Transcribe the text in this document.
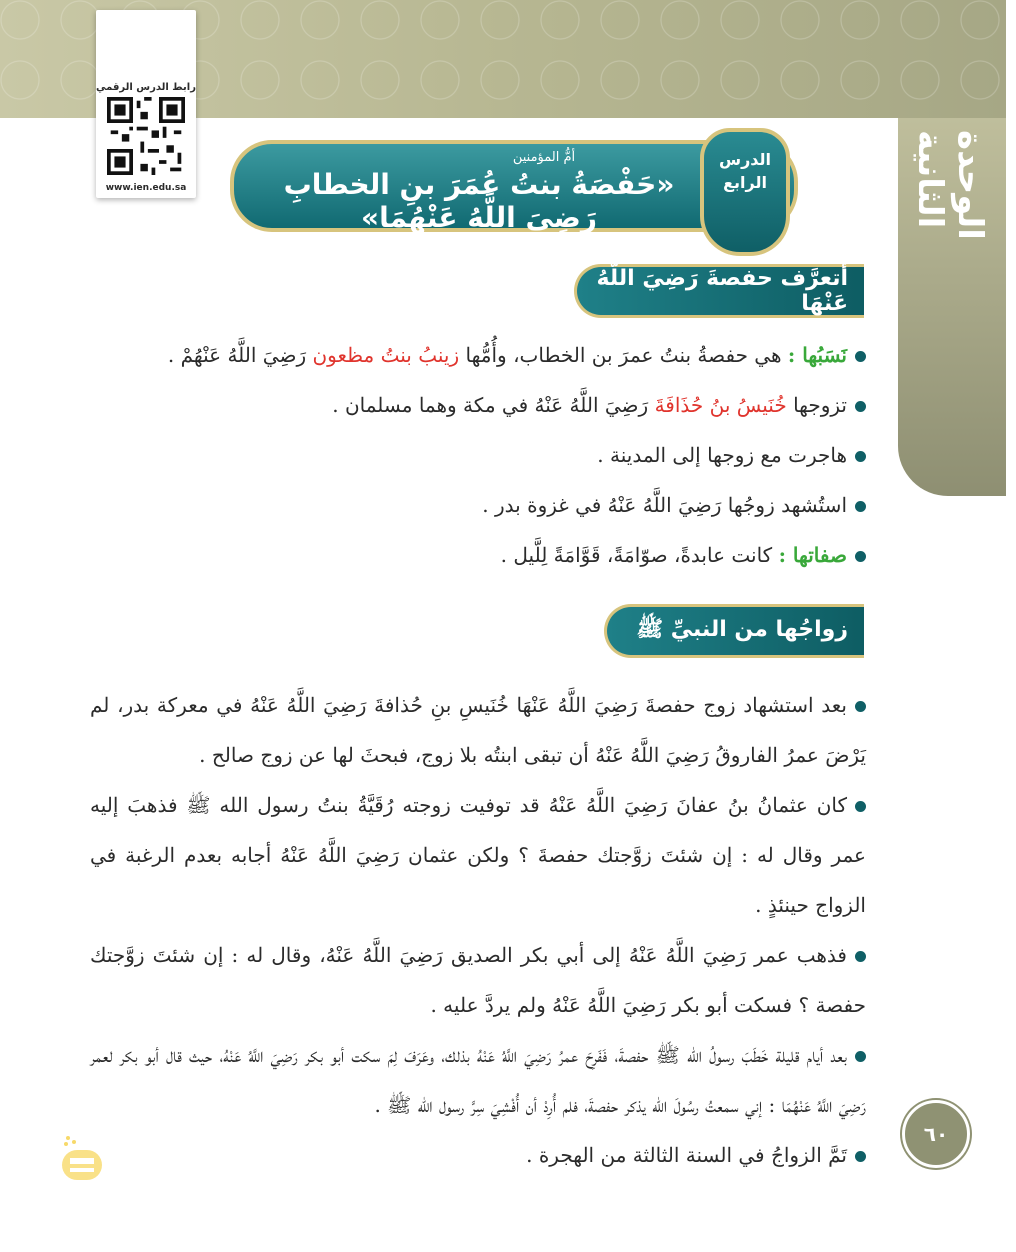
الوحدة الثانية
رابط الدرس الرقمي
www.ien.edu.sa
أمُّ المؤمنين
«حَفْصَةُ بنتُ عُمَرَ بنِ الخطابِ رَضِيَ اللَّهُ عَنْهُمَا»
الدرس
الرابع
أتعرَّف حفصةَ رَضِيَ اللَّهُ عَنْهَا
نَسَبُها : هي حفصةُ بنتُ عمرَ بن الخطاب، وأُمُّها زينبُ بنتُ مظعون رَضِيَ اللَّهُ عَنْهُمْ .
تزوجها خُنَيسُ بنُ حُذَافَةَ رَضِيَ اللَّهُ عَنْهُ في مكة وهما مسلمان .
هاجرت مع زوجها إلى المدينة .
استُشهد زوجُها رَضِيَ اللَّهُ عَنْهُ في غزوة بدر .
صفاتها : كانت عابدةً، صوّامَةً، قَوَّامَةً لِلَّيل .
زواجُها من النبيِّ ﷺ
بعد استشهاد زوج حفصةَ رَضِيَ اللَّهُ عَنْهَا خُنَيسِ بنِ حُذافةَ رَضِيَ اللَّهُ عَنْهُ في معركة بدر، لم يَرْضَ عمرُ الفاروقُ رَضِيَ اللَّهُ عَنْهُ أن تبقى ابنتُه بلا زوج، فبحثَ لها عن زوج صالح .
كان عثمانُ بنُ عفانَ رَضِيَ اللَّهُ عَنْهُ قد توفيت زوجته رُقَيَّةُ بنتُ رسول الله ﷺ فذهبَ إليه عمر وقال له : إن شئتَ زوَّجتك حفصةَ ؟ ولكن عثمان رَضِيَ اللَّهُ عَنْهُ أجابه بعدم الرغبة في الزواج حينئذٍ .
فذهب عمر رَضِيَ اللَّهُ عَنْهُ إلى أبي بكر الصديق رَضِيَ اللَّهُ عَنْهُ، وقال له : إن شئتَ زوَّجتك حفصة ؟ فسكت أبو بكر رَضِيَ اللَّهُ عَنْهُ ولم يردَّ عليه .
بعد أيام قليلة خَطَبَ رسولُ الله ﷺ حفصةَ، فَفَرِحَ عمرُ رَضِيَ اللَّهُ عَنْهُ بذلك، وعَرَفَ لِمَ سكت أبو بكر رَضِيَ اللَّهُ عَنْهُ، حيث قال أبو بكر لعمر رَضِيَ اللَّهُ عَنْهُمَا : إني سمعتُ رسُولَ الله يذكر حفصةَ، فلم أُرِدْ أن أُفْشِيَ سِرَّ رسول الله ﷺ .
تَمَّ الزواجُ في السنة الثالثة من الهجرة .
٦٠
